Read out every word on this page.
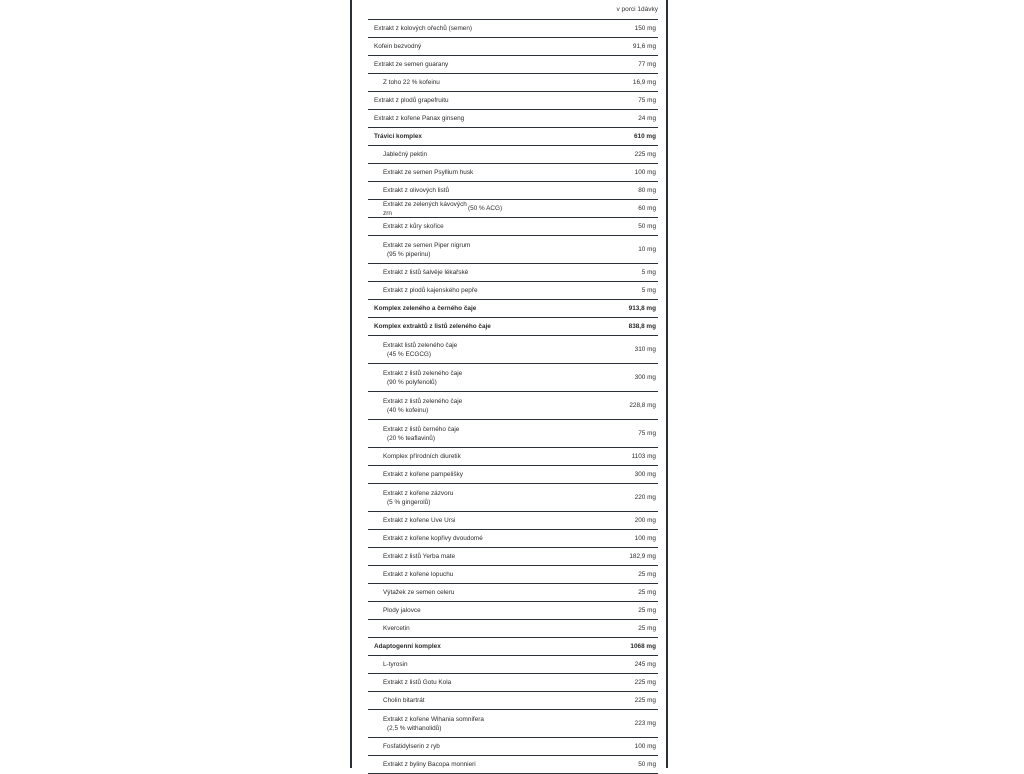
v porci 1dávky
Extrakt z kolových ořechů (semen)	150 mg
Kofein bezvodný	91,6 mg
Extrakt ze semen guarany	77 mg
Z toho 22 % kofeinu	16,9 mg
Extrakt z plodů grapefruitu	75 mg
Extrakt z kořene Panax ginseng	24 mg
Trávicí komplex	610 mg
Jablečný pektin	225 mg
Extrakt ze semen Psyllium husk	100 mg
Extrakt z olivových listů	80 mg
Extrakt ze zelených kávových zrn
(50 % ACG)	60 mg
Extrakt z kůry skořice	50 mg
Extrakt ze semen Piper nigrum
(95 % piperinu)
10 mg
Extrakt z listů šalvěje lékařské	5 mg
Extrakt z plodů kajenského pepře	5 mg
Komplex zeleného a černého čaje	913,8 mg
Komplex extraktů z listů zeleného čaje	838,8 mg
Extrakt listů zeleného čaje
(45 % ECGCG)
310 mg
Extrakt z listů zeleného čaje
(90 % polyfenolů)
300 mg
Extrakt z listů zeleného čaje
(40 % kofeinu)
228,8 mg
Extrakt z listů černého čaje
(20 % teaflavinů)
75 mg
Komplex přírodních diuretik	1103 mg
Extrakt z kořene pampelišky	300 mg
Extrakt z kořene zázvoru
(5 % gingerolů)
220 mg
Extrakt z kořene Uve Ursi	200 mg
Extrakt z kořene kopřivy dvoudomé	100 mg
Extrakt z listů Yerba mate	182,9 mg
Extrakt z kořene lopuchu	25 mg
Výtažek ze semen celeru	25 mg
Plody jalovce	25 mg
Kvercetin	25 mg
Adaptogenní komplex	1068 mg
L-tyrosin	245 mg
Extrakt z listů Gotu Kola	225 mg
Cholin bitartrát	225 mg
Extrakt z kořene Wihania somnifera
(2,5 % withanolidů)
223 mg
Fosfatidylserin z ryb	100 mg
Extrakt z byliny Bacopa monnieri	50 mg
